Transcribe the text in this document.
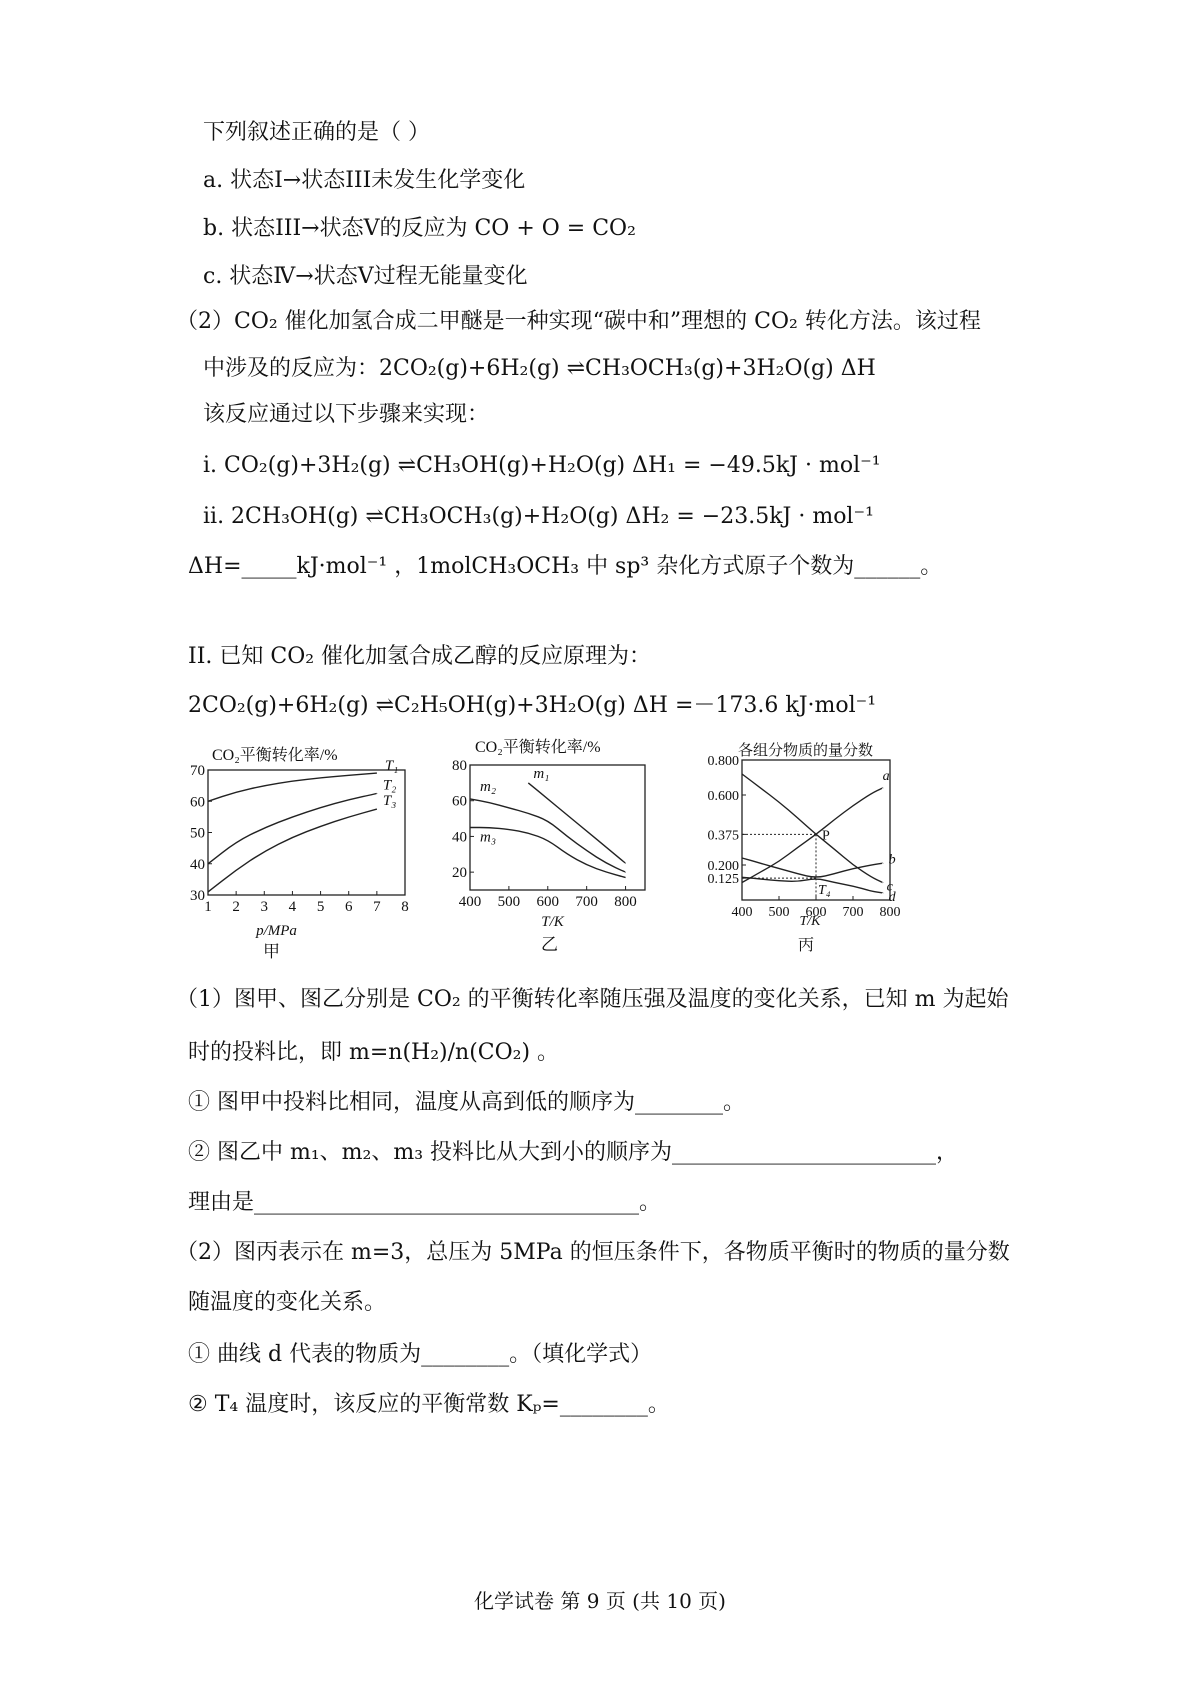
下列叙述正确的是（ ）
a. 状态I→状态III未发生化学变化
b. 状态III→状态Ⅴ的反应为 CO + O = CO₂
c. 状态Ⅳ→状态Ⅴ过程无能量变化
（2）CO₂ 催化加氢合成二甲醚是一种实现“碳中和”理想的 CO₂ 转化方法。该过程
中涉及的反应为：2CO₂(g)+6H₂(g) ⇌CH₃OCH₃(g)+3H₂O(g) ΔH
该反应通过以下步骤来实现：
ⅰ. CO₂(g)+3H₂(g) ⇌CH₃OH(g)+H₂O(g) ΔH₁ = −49.5kJ · mol⁻¹
ⅱ. 2CH₃OH(g) ⇌CH₃OCH₃(g)+H₂O(g) ΔH₂ = −23.5kJ · mol⁻¹
ΔH=_____kJ·mol⁻¹ ，1molCH₃OCH₃ 中 sp³ 杂化方式原子个数为______。
II. 已知 CO₂ 催化加氢合成乙醇的反应原理为：
2CO₂(g)+6H₂(g) ⇌C₂H₅OH(g)+3H₂O(g) ΔH =－173.6 kJ·mol⁻¹
CO₂平衡转化率/%
1 2 3 4 5 6 7 8
30
40
50
60
70
p/MPa
甲
T₁
T₂
T₃
CO₂平衡转化率/%
400 500 600 700 800
20
40
60
80
T/K
乙
m₁
m₂
m₃
各组分物质的量分数
400 500 600 700 800
0.125
0.200
0.375
0.600
0.800
T/K
丙
a
b
c
d
P
T₄
（1）图甲、图乙分别是 CO₂ 的平衡转化率随压强及温度的变化关系，已知 m 为起始
时的投料比，即 m=n(H₂)/n(CO₂) 。
① 图甲中投料比相同，温度从高到低的顺序为________。
② 图乙中 m₁、m₂、m₃ 投料比从大到小的顺序为________________________，
理由是___________________________________。
（2）图丙表示在 m=3，总压为 5MPa 的恒压条件下，各物质平衡时的物质的量分数
随温度的变化关系。
① 曲线 d 代表的物质为________。（填化学式）
② T₄ 温度时，该反应的平衡常数 Kₚ=________。
化学试卷 第 9 页 (共 10 页)
